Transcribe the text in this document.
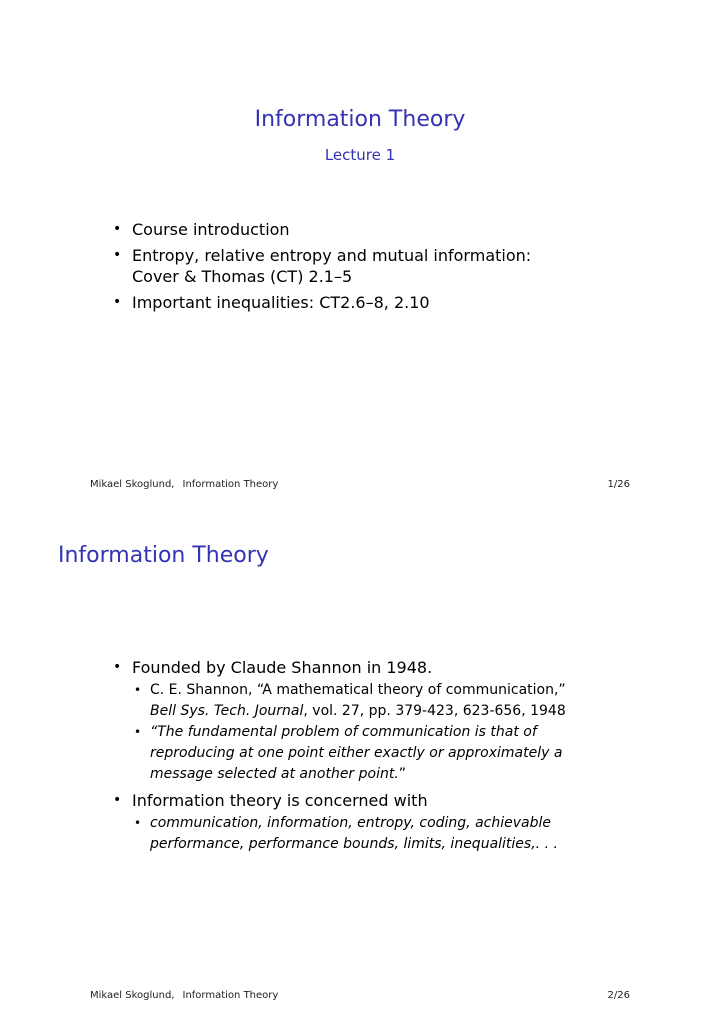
Information Theory
Lecture 1
• Course introduction
• Entropy, relative entropy and mutual information:
Cover & Thomas (CT) 2.1–5
• Important inequalities: CT2.6–8, 2.10
Mikael Skoglund, Information Theory	1/26
Information Theory
• Founded by Claude Shannon in 1948.
• C. E. Shannon, “A mathematical theory of communication,”
Bell Sys. Tech. Journal, vol. 27, pp. 379-423, 623-656, 1948
• “The fundamental problem of communication is that of
reproducing at one point either exactly or approximately a
message selected at another point.”
• Information theory is concerned with
• communication, information, entropy, coding, achievable
performance, performance bounds, limits, inequalities,. . .
Mikael Skoglund, Information Theory	2/26
